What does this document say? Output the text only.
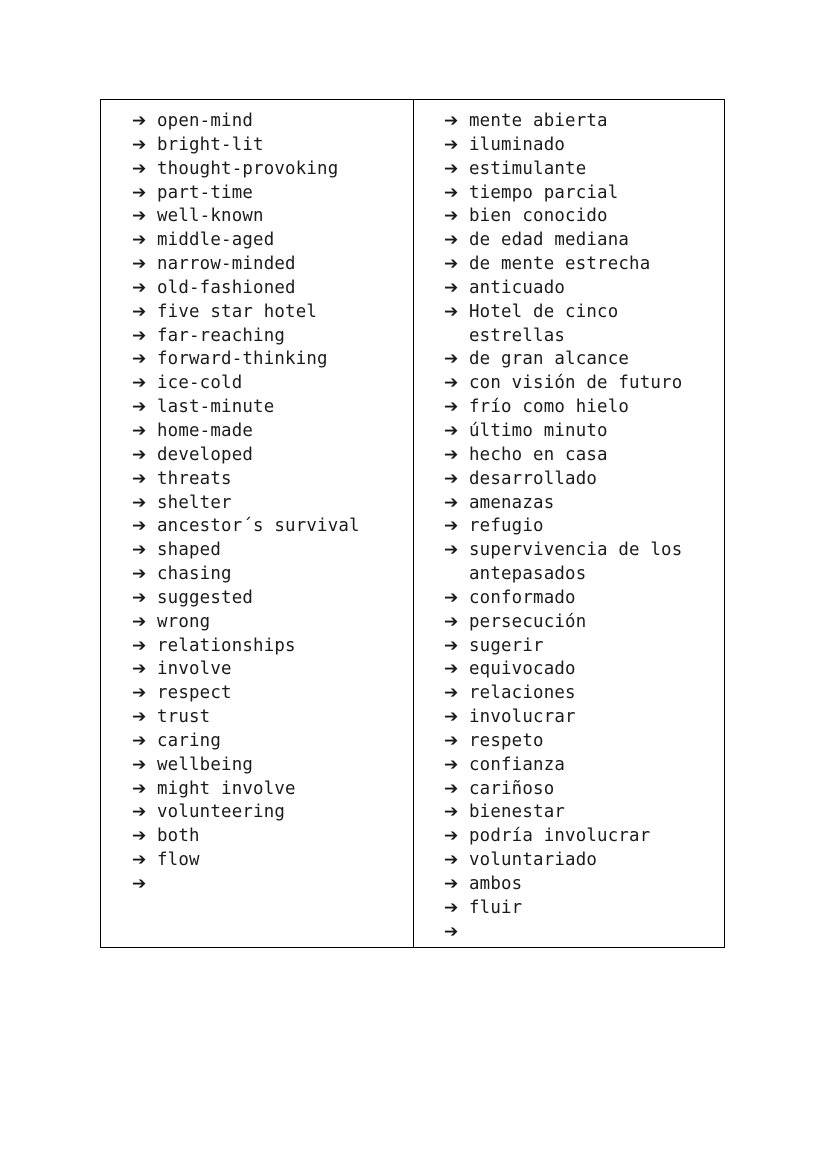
➔ open-mind
➔ bright-lit
➔ thought-provoking
➔ part-time
➔ well-known
➔ middle-aged
➔ narrow-minded
➔ old-fashioned
➔ five star hotel
➔ far-reaching
➔ forward-thinking
➔ ice-cold
➔ last-minute
➔ home-made
➔ developed
➔ threats
➔ shelter
➔ ancestor´s survival
➔ shaped
➔ chasing
➔ suggested
➔ wrong
➔ relationships
➔ involve
➔ respect
➔ trust
➔ caring
➔ wellbeing
➔ might involve
➔ volunteering
➔ both
➔ flow
➔
➔ mente abierta
➔ iluminado
➔ estimulante
➔ tiempo parcial
➔ bien conocido
➔ de edad mediana
➔ de mente estrecha
➔ anticuado
➔ Hotel de cinco estrellas
➔ de gran alcance
➔ con visión de futuro
➔ frío como hielo
➔ último minuto
➔ hecho en casa
➔ desarrollado
➔ amenazas
➔ refugio
➔ supervivencia de los antepasados
➔ conformado
➔ persecución
➔ sugerir
➔ equivocado
➔ relaciones
➔ involucrar
➔ respeto
➔ confianza
➔ cariñoso
➔ bienestar
➔ podría involucrar
➔ voluntariado
➔ ambos
➔ fluir
➔
